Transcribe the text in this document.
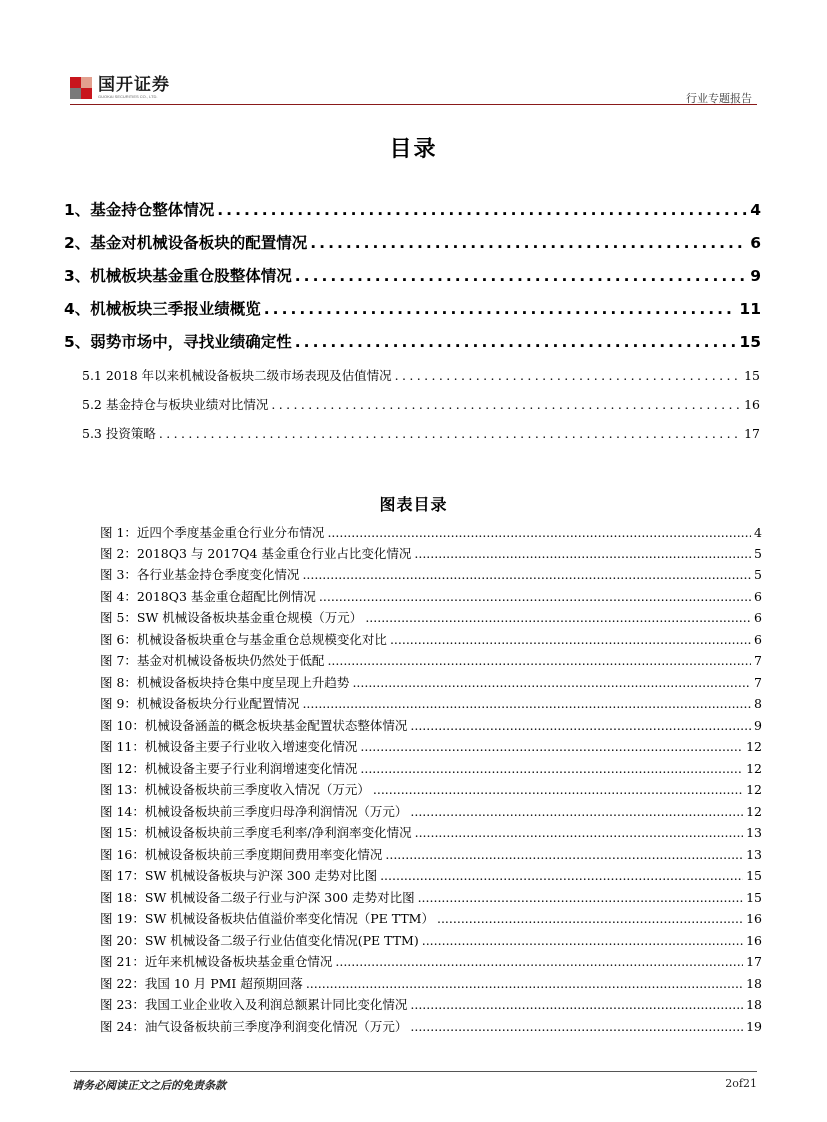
国开证券
GUOKAI SECURITIES CO., LTD.	行业专题报告
目录
1、基金持仓整体情况 .....	4
2、基金对机械设备板块的配置情况 .....	6
3、机械板块基金重仓股整体情况 .....	9
4、机械板块三季报业绩概览 .....	11
5、弱势市场中，寻找业绩确定性 .....	15
5.1 2018 年以来机械设备板块二级市场表现及估值情况 .....	15
5.2 基金持仓与板块业绩对比情况 .....	16
5.3 投资策略 .....	17
图表目录
图 1：近四个季度基金重仓行业分布情况 .....	4
图 2：2018Q3 与 2017Q4 基金重仓行业占比变化情况 .....	5
图 3：各行业基金持仓季度变化情况 .....	5
图 4：2018Q3 基金重仓超配比例情况 .....	6
图 5：SW 机械设备板块基金重仓规模（万元） .....	6
图 6：机械设备板块重仓与基金重仓总规模变化对比 .....	6
图 7：基金对机械设备板块仍然处于低配 .....	7
图 8：机械设备板块持仓集中度呈现上升趋势 .....	7
图 9：机械设备板块分行业配置情况 .....	8
图 10：机械设备涵盖的概念板块基金配置状态整体情况 .....	9
图 11：机械设备主要子行业收入增速变化情况 .....	12
图 12：机械设备主要子行业利润增速变化情况 .....	12
图 13：机械设备板块前三季度收入情况（万元） .....	12
图 14：机械设备板块前三季度归母净利润情况（万元） .....	12
图 15：机械设备板块前三季度毛利率/净利润率变化情况 .....	13
图 16：机械设备板块前三季度期间费用率变化情况 .....	13
图 17：SW 机械设备板块与沪深 300 走势对比图 .....	15
图 18：SW 机械设备二级子行业与沪深 300 走势对比图 .....	15
图 19：SW 机械设备板块估值溢价率变化情况（PE TTM） .....	16
图 20：SW 机械设备二级子行业估值变化情况(PE TTM) .....	16
图 21：近年来机械设备板块基金重仓情况 .....	17
图 22：我国 10 月 PMI 超预期回落 .....	18
图 23：我国工业企业收入及利润总额累计同比变化情况 .....	18
图 24：油气设备板块前三季度净利润变化情况（万元） .....	19
请务必阅读正文之后的免责条款	2of21
